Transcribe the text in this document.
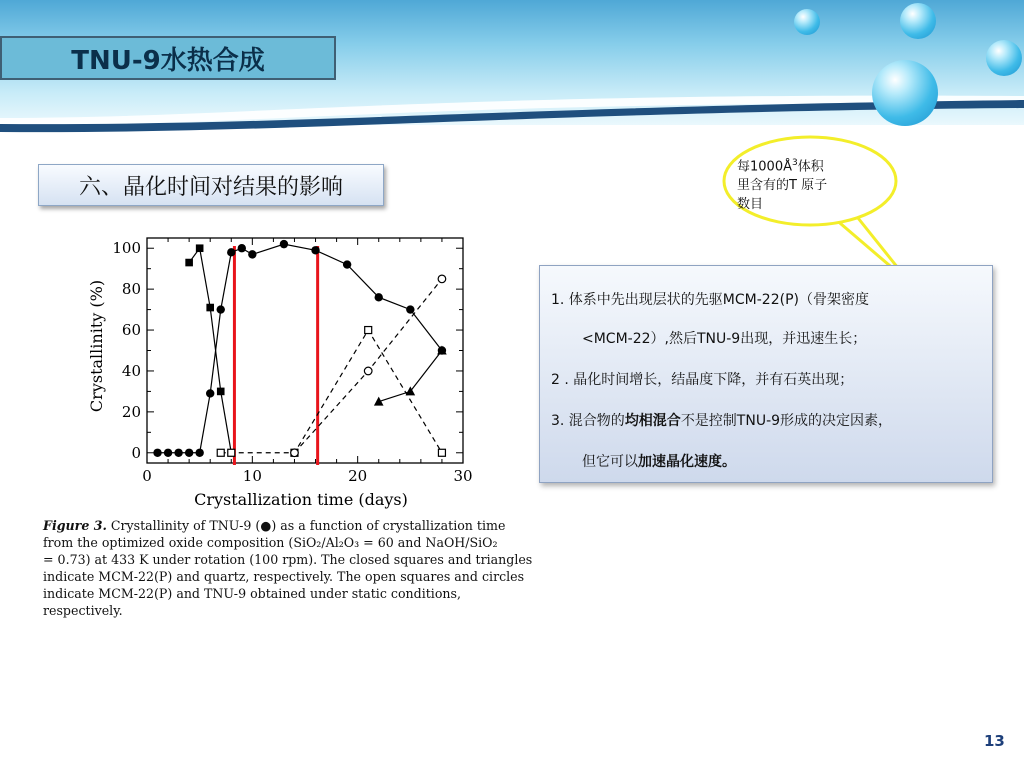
TNU-9水热合成
六、晶化时间对结果的影响
每$1000Å^3$体积
里含有的T 原子
数目
1. 体系中先出现层状的先驱MCM-22(P)（骨架密度
<MCM-22）,然后TNU-9出现，并迅速生长；
2 . 晶化时间增长，结晶度下降，并有石英出现；
3. 混合物的均相混合不是控制TNU-9形成的决定因素，
但它可以加速晶化速度。
0	10	20	30
0
20
40
60
80
100
Crystallization time (days)
Crystallinity (%)
Figure 3. Crystallinity of TNU-9 (●) as a function of crystallization time
from the optimized oxide composition (SiO₂/Al₂O₃ = 60 and NaOH/SiO₂
= 0.73) at 433 K under rotation (100 rpm). The closed squares and triangles
indicate MCM-22(P) and quartz, respectively. The open squares and circles
indicate MCM-22(P) and TNU-9 obtained under static conditions,
respectively.
13
